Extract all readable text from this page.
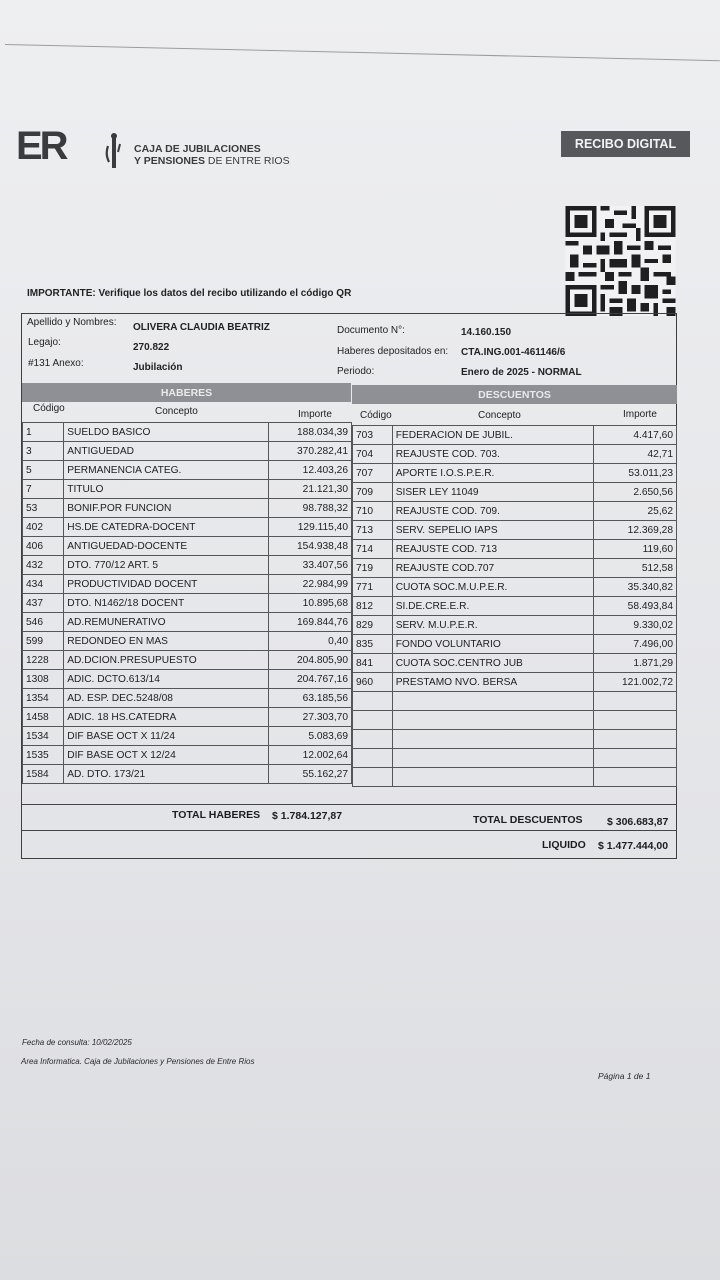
ER	CAJA DE JUBILACIONES
Y PENSIONES DE ENTRE RIOS
RECIBO DIGITAL
IMPORTANTE: Verifique los datos del recibo utilizando el código QR
Apellido y Nombres: OLIVERA CLAUDIA BEATRIZ
Legajo:	270.822
#131 Anexo:	Jubilación
Documento N°:	14.160.150
Haberes depositados en: CTA.ING.001-461146/6
Periodo:	Enero de 2025 - NORMAL
HABERES	DESCUENTOS
Código	Concepto	Importe	Código	Concepto	Importe
1	SUELDO BASICO	188.034,39
3	ANTIGUEDAD	370.282,41
5	PERMANENCIA CATEG.	12.403,26
7	TITULO	21.121,30
53	BONIF.POR FUNCION	98.788,32
402	HS.DE CATEDRA-DOCENT	129.115,40
406	ANTIGUEDAD-DOCENTE	154.938,48
432	DTO. 770/12 ART. 5	33.407,56
434	PRODUCTIVIDAD DOCENT	22.984,99
437	DTO. N1462/18 DOCENT	10.895,68
546	AD.REMUNERATIVO	169.844,76
599	REDONDEO EN MAS	0,40
1228	AD.DCION.PRESUPUESTO	204.805,90
1308	ADIC. DCTO.613/14	204.767,16
1354	AD. ESP. DEC.5248/08	63.185,56
1458	ADIC. 18 HS.CATEDRA	27.303,70
1534	DIF BASE OCT X 11/24	5.083,69
1535	DIF BASE OCT X 12/24	12.002,64
1584	AD. DTO. 173/21	55.162,27
703	FEDERACION DE JUBIL.	4.417,60
704	REAJUSTE COD. 703.	42,71
707	APORTE I.O.S.P.E.R.	53.011,23
709	SISER LEY 11049	2.650,56
710	REAJUSTE COD. 709.	25,62
713	SERV. SEPELIO IAPS	12.369,28
714	REAJUSTE COD. 713	119,60
719	REAJUSTE COD.707	512,58
771	CUOTA SOC.M.U.P.E.R.	35.340,82
812	SI.DE.CRE.E.R.	58.493,84
829	SERV. M.U.P.E.R.	9.330,02
835	FONDO VOLUNTARIO	7.496,00
841	CUOTA SOC.CENTRO JUB	1.871,29
960	PRESTAMO NVO. BERSA	121.002,72

TOTAL HABERES $ 1.784.127,87	TOTAL DESCUENTOS $ 306.683,87
LIQUIDO $ 1.477.444,00
Fecha de consulta: 10/02/2025
Area Informatica. Caja de Jubilaciones y Pensiones de Entre Rios
Página 1 de 1
